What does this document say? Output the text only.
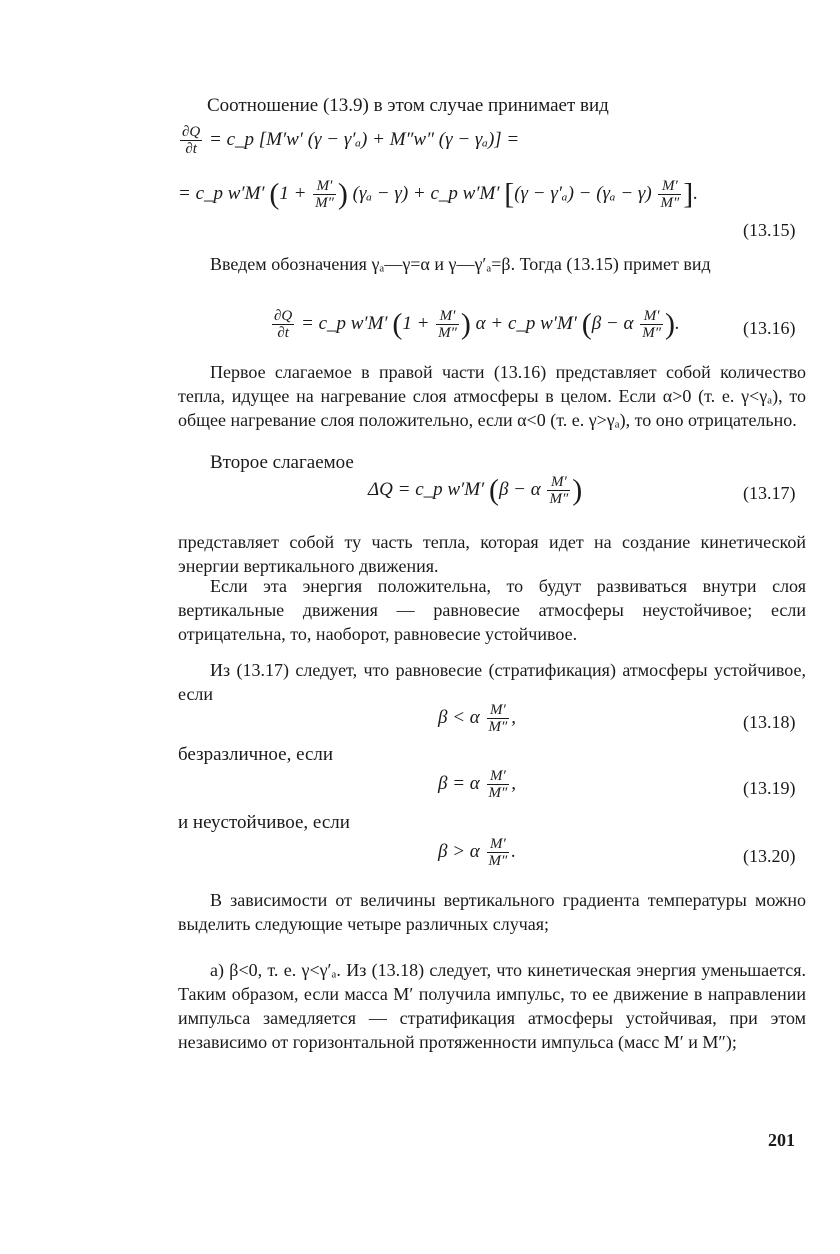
Соотношение (13.9) в этом случае принимает вид
$\frac{\partial Q}{\partial t}$ = c_p [M′w′ (γ − γ′ₐ) + M″w″ (γ − γₐ)] =
= c_p w′M′ ($1 + \frac{M'}{M''}$ ) (γₐ − γ) + c_p w′M′ [$(\gamma - \gamma'_a) - (\gamma_a - \gamma) \frac{M'}{M''}$ ].
(13.15)
Введем обозначения γₐ—γ=α и γ—γ′ₐ=β. Тогда (13.15) примет вид
$\frac{\partial Q}{\partial t}$ = c_p w′M′ ($1 + \frac{M'}{M''}$ ) α + c_p w′M′ (β − α $\frac{M'}{M''}$ ).	(13.16)
Первое слагаемое в правой части (13.16) представляет собой количество тепла, идущее на нагревание слоя атмосферы в целом. Если α>0 (т. е. γ<γₐ), то общее нагревание слоя положительно, если α<0 (т. е. γ>γₐ), то оно отрицательно.
Второе слагаемое
ΔQ = c_p w′M′ (β − α $\frac{M'}{M''}$ )	(13.17)
представляет собой ту часть тепла, которая идет на создание кинетической энергии вертикального движения.
Если эта энергия положительна, то будут развиваться внутри слоя вертикальные движения — равновесие атмосферы неустойчивое; если отрицательна, то, наоборот, равновесие устойчивое.
Из (13.17) следует, что равновесие (стратификация) атмосферы устойчивое, если
β < α $\frac{M'}{M''}$ ,	(13.18)
безразличное, если
β = α $\frac{M'}{M''}$ ,	(13.19)
и неустойчивое, если
β > α $\frac{M'}{M''}$ .	(13.20)
В зависимости от величины вертикального градиента температуры можно выделить следующие четыре различных случая;
а) β<0, т. е. γ<γ′ₐ. Из (13.18) следует, что кинетическая энергия уменьшается. Таким образом, если масса M′ получила импульс, то ее движение в направлении импульса замедляется — стратификация атмосферы устойчивая, при этом независимо от горизонтальной протяженности импульса (масс M′ и M″);
201
